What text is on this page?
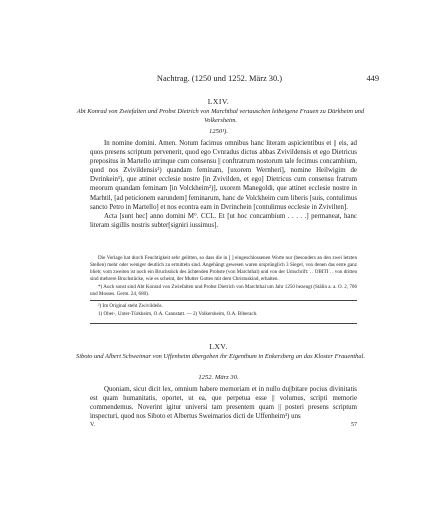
Nachtrag. (1250 und 1252. März 30.)	449
LXIV.
Abt Konrad von Zwiefalten und Probst Dietrich von Marchthal vertauschen leibeigene Frauen zu Dürkheim und Volkersheim.
1250¹).

In nomine domini. Amen. Notum facimus omnibus hanc literam aspicientibus et || eis, ad quos presens scriptum pervenerit, quod ego Cvnradus dictus abbas Zvivildensis et ego Dietricus prepositus in Martello utrinque cum consensu || conftratrum nostorum tale fecimus concambium, quod nos Zvivildensis²) quandam feminam, [uxorem Wernheri], nomine Heilwigim de Dvrinkein¹), que attinet ecclesie nostre [in Zvivilden, et ego] Dietricus cum consensu fratrum meorum quandam feminam [in Volckheim²)], uxorem Manegoldi, que attinet ecclesie nostre in Marhtil, [ad peticionem earundem] feminarum, hanc de Volckheim cum liberis [suis, contulimus sancto Petro in Martello] et nos econtra eam in Dvrinchein [contulimus ecclesie in Zvivilten].

Acta [sunt hec] anno domini M°. CCL. Et [ut hoc concambium . . . . .] permaneat, hanc literam sigillis nostris subter[signiri iussimus].

Die Vorlage hat durch Feuchtigkeit sehr gelitten, so dass die in [ ] eingeschlossenen Worte nur (besonders an den zwei letzten Stellen) mehr oder weniger deutlich zu ermitteln sind. Angehängt gewesen waren ursprünglich 3 Siegel, von denen das erste ganz blieb; vom zweiten ist noch ein Bruchstück des ächtenden Probste (von Marchthal) und von der Umschrift: . . OBITI . . von dritten sind mehrere Bruchstücke, wie es scheint, der Mutter Gottes mit dem Christuskind, erhalten.

*) Auch sonst sind Abt Konrad von Zwiefalten und Probst Dietrich von Marchthal um Jahr 1250 bezeugt (Stälin a. a. O. 2, 706 und Mosses. Germ. 24, 680).

²) Im Original steht Zwivilden̄s.

1) Ober-, Unter-Türkheim, O.A. Cannstatt. — 2) Volkersheim, O.A. Biberach.

LXV.
Siboto und Albert Schweimar von Uffenheim übergeben ihr Eigenthum in Enkersberg an das Kloster Frauenthal.
1252. März 30.

Quoniam, sicut dicit lex, omnium habere memoriam et in nullo du||bitare pocius divinitatis est quam humanitatis, oportet, ut ea, que perpetua esse || volumus, scripti memorie commendemus. Noverint igitur universi tam presentem quam || posteri presens scriptum inspecturi, quod nos Siboto et Albertus Sweimarios dicti de Uffenheim¹) uns

V.	57
